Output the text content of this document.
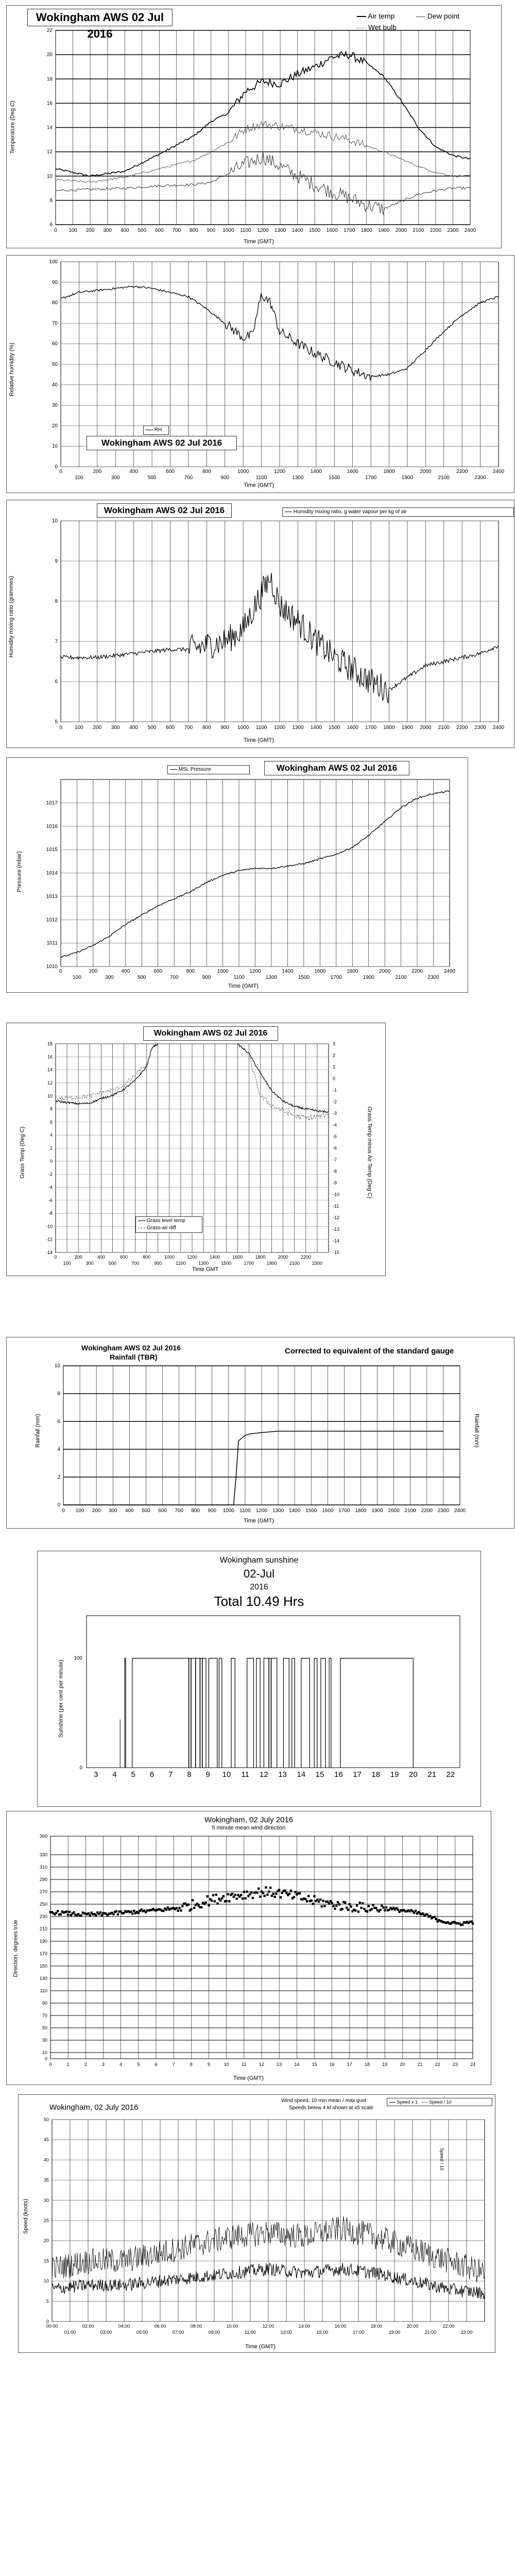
6
8
10
12
14
16
18
20
22
0 100 200 300 400 500 600 700 800 900 1000 1100 1200 1300 1400 1500 1600 1700 1800 1900 2000 2100 2200 2300 2400
Wokingham AWS 02 Jul 2016
Air temp	Dew point
Wet bulb
Time (GMT)
Temperature (Deg C)
0
10
20
30
40
50
60
70
80
90
100
0	200	400	600	800	1000	1200	1400	1600	1800	2000	2200	2400
100	300	500	700	900	1100	1300	1500	1700	1900	2100	2300
RH
Wokingham AWS 02 Jul 2016
Time (GMT)
Relative humidity (%)
5
6
7
8
9
10
0 100 200 300 400 500 600 700 800 900 1000 1100 1200 1300 1400 1500 1600 1700 1800 1900 2000 2100 2200 2300 2400
Wokingham AWS 02 Jul 2016	Humidity mixing ratio, g water vapour per kg of air
Time (GMT)
Humidity mixing ratio (grammes)
1010
1011
1012
1013
1014
1015
1016
1017
0	200	400	600	800	1000	1200	1400	1600	1800	2000	2200	2400
100	300	500	700	900	1100	1300	1500	1700	1900	2100	2300
MSL Pressure	Wokingham AWS 02 Jul 2016
Time (GMT)
Pressure (mbar)
-14
-12
-10
-8
-6
-4
-2
0
2
4
6
8
10
12
14
16
18
0	200	400	600	800	1000	1200	1400	1600	1800	2000	2200
100	300	500	700	900	1100	1300	1500	1700	1900	2100	2300
-15
-14
-13
-12
-11
-10
-9
-8
-7
-6
-5
-4
-3
-2
-1
0
1
2
3
Wokingham AWS 02 Jul 2016
Grass level temp
Grass-air diff
Time GMT
Grass Temp (Deg C)	Grass Temp minus Air Temp (Deg C)
0
2
4
6
8
10
0 100 200 300 400 500 600 700 800 900 1000 1100 1200 1300 1400 1500 1600 1700 1800 1900 2000 2100 2200 2300 2400
Wokingham AWS 02 Jul 2016
Rainfall (TBR)
Corrected to equivalent of the standard gauge
Time (GMT)
Rainfall (mm)	Rainfall (mm)
3 4 5 6 7 8 9 10 11 12 13 14 15 16 17 18 19 20 21 22
0
100
Wokingham sunshine
02-Jul
2016
Total 10.49 Hrs
Sunshine (per cent per minute)
0
10
30
50
70
90
110
130
150
170
190
210
230
250
270
290
310
330
360
0	1	2	3	4	5	6	7	8	9	10	11	12	13	14	15	16	17	18	19	20	21	22	23	24
Wokingham, 02 July 2016
5 minute mean wind direction
Time (GMT)
Direction, degrees true
0
5
10
15
20
25
30
35
40
45
50
00:00	02:00	04:00	06:00	08:00	10:00	12:00	14:00	16:00	18:00	20:00	22:00
01:00	03:00	05:00	07:00	09:00	11:00	13:00	15:00	17:00	19:00	21:00	23:00
Wokingham, 02 July 2016
Wind speed, 10 min mean / max gust
Speeds below 4 kt shown at x5 scale
Speed x 1 Speed / 10
Speed / 10
Time (GMT)
Speed (knots)
